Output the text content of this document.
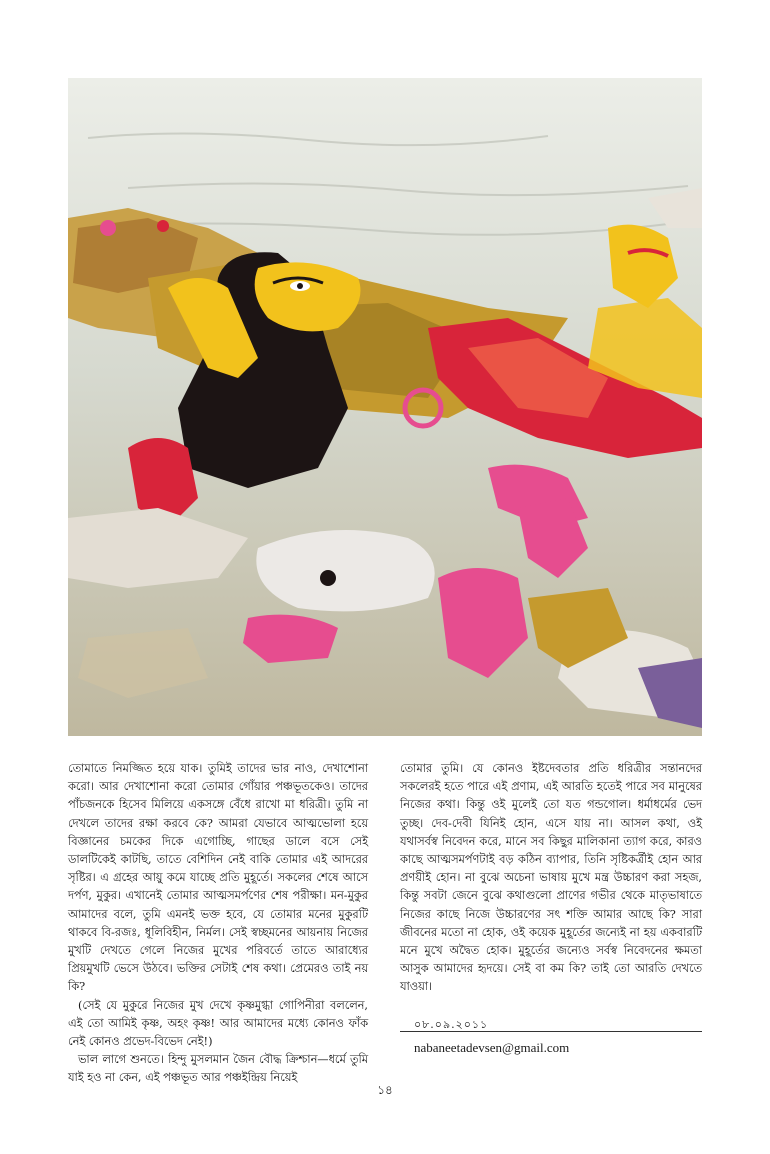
তোমাতে নিমজ্জিত হয়ে যাক। তুমিই তাদের ভার নাও, দেখাশোনা করো। আর দেখাশোনা করো তোমার গোঁয়ার পঞ্চভূতকেও। তাদের পাঁচজনকে হিসেব মিলিয়ে একসঙ্গে বেঁধে রাখো মা ধরিত্রী। তুমি না দেখলে তাদের রক্ষা করবে কে? আমরা যেভাবে আত্মভোলা হয়ে বিজ্ঞানের চমকের দিকে এগোচ্ছি, গাছের ডালে বসে সেই ডালটিকেই কাটছি, তাতে বেশিদিন নেই বাকি তোমার এই আদরের সৃষ্টির। এ গ্রহের আয়ু কমে যাচ্ছে প্রতি মুহূর্তে। সকলের শেষে আসে দর্পণ, মুকুর। এখানেই তোমার আত্মসমর্পণের শেষ পরীক্ষা। মন-মুকুর আমাদের বলে, তুমি এমনই ভক্ত হবে, যে তোমার মনের মুকুরটি থাকবে বি-রজঃ, ধূলিবিহীন, নির্মল। সেই স্বচ্ছমনের আয়নায় নিজের মুখটি দেখতে গেলে নিজের মুখের পরিবর্তে তাতে আরাধ্যের প্রিয়মুখটি ভেসে উঠবে। ভক্তির সেটাই শেষ কথা। প্রেমেরও তাই নয় কি?

(সেই যে মুকুরে নিজের মুখ দেখে কৃষ্ণমুগ্ধা গোপিনীরা বললেন, এই তো আমিই কৃষ্ণ, অহং কৃষ্ণ! আর আমাদের মধ্যে কোনও ফাঁক নেই কোনও প্রভেদ-বিভেদ নেই!)

ভাল লাগে শুনতে। হিন্দু মুসলমান জৈন বৌদ্ধ ক্রিশ্চান—ধর্মে তুমি যাই হও না কেন, এই পঞ্চভূত আর পঞ্চইন্দ্রিয় নিয়েই

তোমার তুমি। যে কোনও ইষ্টদেবতার প্রতি ধরিত্রীর সন্তানদের সকলেরই হতে পারে এই প্রণাম, এই আরতি হতেই পারে সব মানুষের নিজের কথা। কিন্তু ওই মুলেই তো যত গন্ডগোল। ধর্মাধর্মের ভেদ তুচ্ছ। দেব-দেবী যিনিই হোন, এসে যায় না। আসল কথা, ওই যথাসর্বস্ব নিবেদন করে, মানে সব কিছুর মালিকানা ত্যাগ করে, কারও কাছে আত্মসমর্পণটাই বড় কঠিন ব্যাপার, তিনি সৃষ্টিকর্ত্রীই হোন আর প্রণয়ীই হোন। না বুঝে অচেনা ভাষায় মুখে মন্ত্র উচ্চারণ করা সহজ, কিন্তু সবটা জেনে বুঝে কথাগুলো প্রাণের গভীর থেকে মাতৃভাষাতে নিজের কাছে নিজে উচ্চারণের সৎ শক্তি আমার আছে কি? সারা জীবনের মতো না হোক, ওই কয়েক মুহূর্তের জন্যেই না হয় একবারটি মনে মুখে অদ্বৈত হোক। মুহূর্তের জন্যেও সর্বস্ব নিবেদনের ক্ষমতা আসুক আমাদের হৃদয়ে। সেই বা কম কি? তাই তো আরতি দেখতে যাওয়া।

০৮.০৯.২০১১
nabaneetadevsen@gmail.com
১৪
